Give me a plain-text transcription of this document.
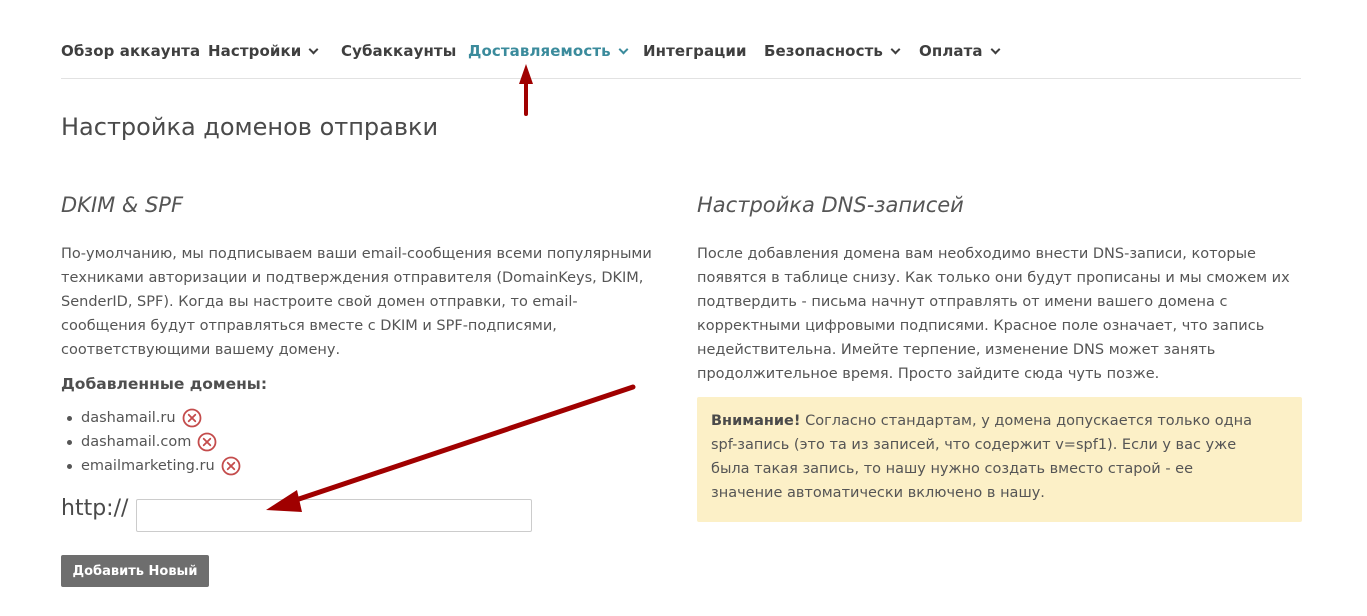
Обзор аккаунта Настройки	Субаккаунты Доставляемость	Интеграции Безопасность	Оплата
Настройка доменов отправки
DKIM & SPF

По-умолчанию, мы подписываем ваши email-сообщения всеми популярными техниками авторизации и подтверждения отправителя (DomainKeys, DKIM, SenderID, SPF). Когда вы настроите свой домен отправки, то email-сообщения будут отправляться вместе с DKIM и SPF-подписями, соответствующими вашему домену.

Добавленные домены:
dashamail.ru
dashamail.com
emailmarketing.ru
http://
Добавить Новый
Настройка DNS-записей

После добавления домена вам необходимо внести DNS-записи, которые появятся в таблице снизу. Как только они будут прописаны и мы сможем их подтвердить - письма начнут отправлять от имени вашего домена с корректными цифровыми подписями. Красное поле означает, что запись недействительна. Имейте терпение, изменение DNS может занять продолжительное время. Просто зайдите сюда чуть позже.

Внимание! Согласно стандартам, у домена допускается только одна spf-запись (это та из записей, что содержит v=spf1). Если у вас уже была такая запись, то нашу нужно создать вместо старой - ее значение автоматически включено в нашу.
